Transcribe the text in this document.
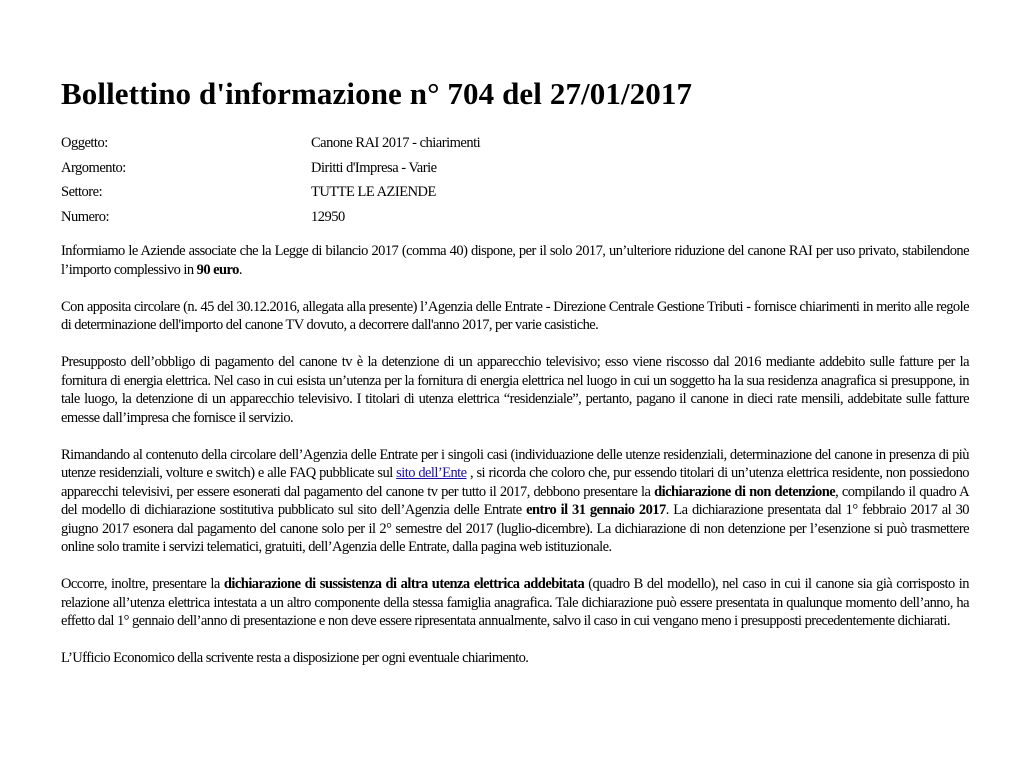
Bollettino d'informazione n° 704 del 27/01/2017
Oggetto:	Canone RAI 2017 - chiarimenti
Argomento:	Diritti d'Impresa - Varie
Settore:	TUTTE LE AZIENDE
Numero:	12950

Informiamo le Aziende associate che la Legge di bilancio 2017 (comma 40) dispone, per il solo 2017, un’ulteriore riduzione del canone RAI per uso privato, stabilendone l’importo complessivo in 90 euro.

Con apposita circolare (n. 45 del 30.12.2016, allegata alla presente) l’Agenzia delle Entrate - Direzione Centrale Gestione Tributi - fornisce chiarimenti in merito alle regole di determinazione dell'importo del canone TV dovuto, a decorrere dall'anno 2017, per varie casistiche.

Presupposto dell’obbligo di pagamento del canone tv è la detenzione di un apparecchio televisivo; esso viene riscosso dal 2016 mediante addebito sulle fatture per la fornitura di energia elettrica. Nel caso in cui esista un’utenza per la fornitura di energia elettrica nel luogo in cui un soggetto ha la sua residenza anagrafica si presuppone, in tale luogo, la detenzione di un apparecchio televisivo. I titolari di utenza elettrica “residenziale”, pertanto, pagano il canone in dieci rate mensili, addebitate sulle fatture emesse dall’impresa che fornisce il servizio.

Rimandando al contenuto della circolare dell’Agenzia delle Entrate per i singoli casi (individuazione delle utenze residenziali, determinazione del canone in presenza di più utenze residenziali, volture e switch) e alle FAQ pubblicate sul sito dell’Ente , si ricorda che coloro che, pur essendo titolari di un’utenza elettrica residente, non possiedono apparecchi televisivi, per essere esonerati dal pagamento del canone tv per tutto il 2017, debbono presentare la dichiarazione di non detenzione, compilando il quadro A del modello di dichiarazione sostitutiva pubblicato sul sito dell’Agenzia delle Entrate entro il 31 gennaio 2017. La dichiarazione presentata dal 1° febbraio 2017 al 30 giugno 2017 esonera dal pagamento del canone solo per il 2° semestre del 2017 (luglio-dicembre). La dichiarazione di non detenzione per l’esenzione si può trasmettere online solo tramite i servizi telematici, gratuiti, dell’Agenzia delle Entrate, dalla pagina web istituzionale.

Occorre, inoltre, presentare la dichiarazione di sussistenza di altra utenza elettrica addebitata (quadro B del modello), nel caso in cui il canone sia già corrisposto in relazione all’utenza elettrica intestata a un altro componente della stessa famiglia anagrafica. Tale dichiarazione può essere presentata in qualunque momento dell’anno, ha effetto dal 1° gennaio dell’anno di presentazione e non deve essere ripresentata annualmente, salvo il caso in cui vengano meno i presupposti precedentemente dichiarati.

L’Ufficio Economico della scrivente resta a disposizione per ogni eventuale chiarimento.
